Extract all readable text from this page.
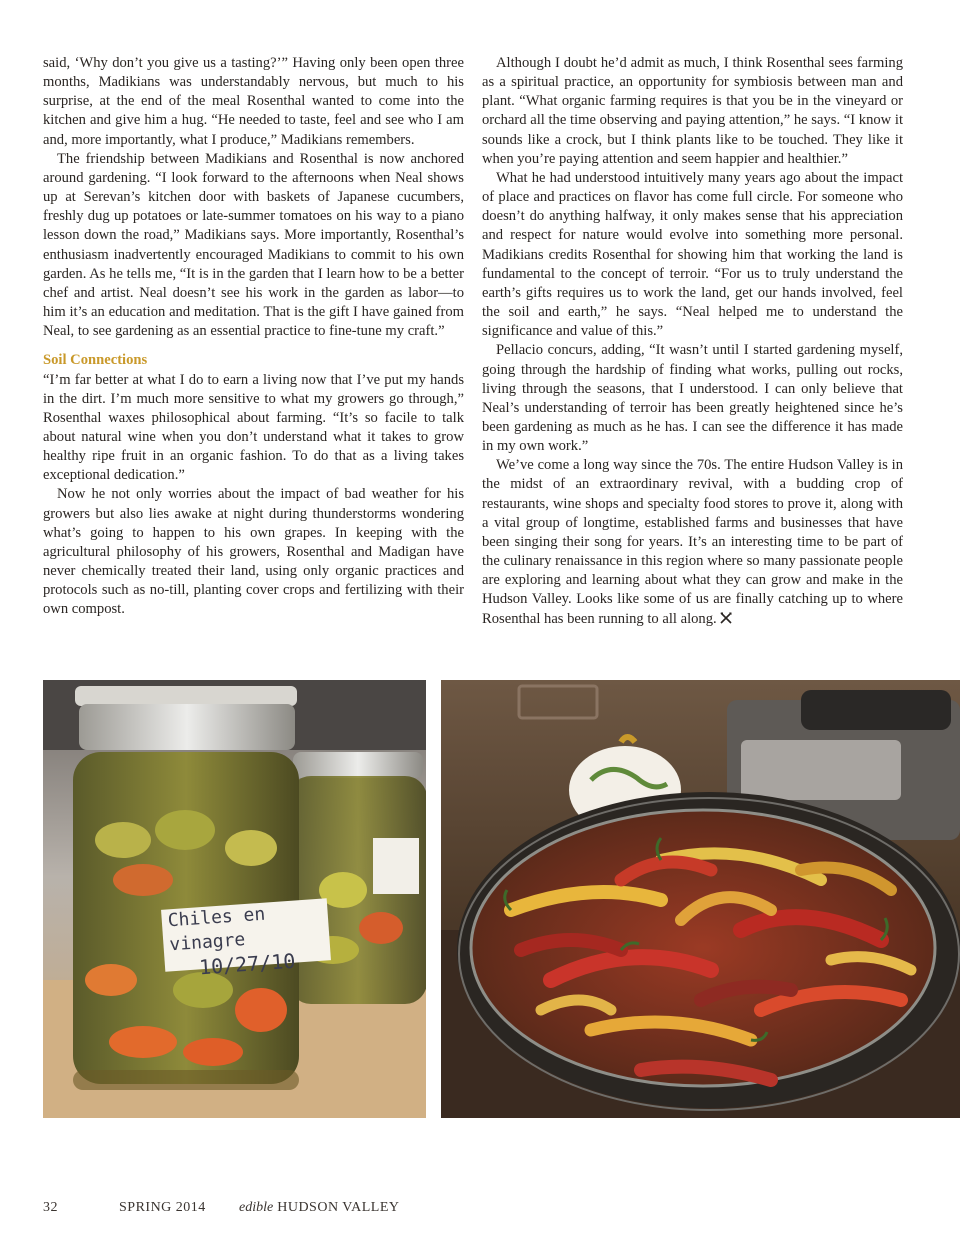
said, ‘Why don’t you give us a tasting?’” Having only been open three months, Madikians was understandably nervous, but much to his surprise, at the end of the meal Rosenthal wanted to come into the kitchen and give him a hug. “He needed to taste, feel and see who I am and, more importantly, what I produce,” Madikians remembers.

The friendship between Madikians and Rosenthal is now anchored around gardening. “I look forward to the afternoons when Neal shows up at Serevan’s kitchen door with baskets of Japanese cucumbers, freshly dug up potatoes or late-summer tomatoes on his way to a piano lesson down the road,” Madikians says. More importantly, Rosenthal’s enthusiasm inadvertently encouraged Madikians to commit to his own garden. As he tells me, “It is in the garden that I learn how to be a better chef and artist. Neal doesn’t see his work in the garden as labor—to him it’s an education and meditation. That is the gift I have gained from Neal, to see gardening as an essential practice to fine-tune my craft.”

Soil Connections

“I’m far better at what I do to earn a living now that I’ve put my hands in the dirt. I’m much more sensitive to what my growers go through,” Rosenthal waxes philosophical about farming. “It’s so facile to talk about natural wine when you don’t understand what it takes to grow healthy ripe fruit in an organic fashion. To do that as a living takes exceptional dedication.”

Now he not only worries about the impact of bad weather for his growers but also lies awake at night during thunderstorms wondering what’s going to happen to his own grapes. In keeping with the agricultural philosophy of his growers, Rosenthal and Madigan have never chemically treated their land, using only organic practices and protocols such as no-till, planting cover crops and fertilizing with their own compost.

Although I doubt he’d admit as much, I think Rosenthal sees farming as a spiritual practice, an opportunity for symbiosis between man and plant. “What organic farming requires is that you be in the vineyard or orchard all the time observing and paying attention,” he says. “I know it sounds like a crock, but I think plants like to be touched. They like it when you’re paying attention and seem happier and healthier.”

What he had understood intuitively many years ago about the impact of place and practices on flavor has come full circle. For someone who doesn’t do anything halfway, it only makes sense that his appreciation and respect for nature would evolve into something more personal. Madikians credits Rosenthal for showing him that working the land is fundamental to the concept of terroir. “For us to truly understand the earth’s gifts requires us to work the land, get our hands involved, feel the soil and earth,” he says. “Neal helped me to understand the significance and value of this.”

Pellacio concurs, adding, “It wasn’t until I started gardening myself, going through the hardship of finding what works, pulling out rocks, living through the seasons, that I understood. I can only believe that Neal’s understanding of terroir has been greatly heightened since he’s been gardening as much as he has. I can see the difference it has made in my own work.”

We’ve come a long way since the 70s. The entire Hudson Valley is in the midst of an extraordinary revival, with a budding crop of restaurants, wine shops and specialty food stores to prove it, along with a vital group of longtime, established farms and businesses that have been singing their song for years. It’s an interesting time to be part of the culinary renaissance in this region where so many passionate people are exploring and learning about what they can grow and make in the Hudson Valley. Looks like some of us are finally catching up to where Rosenthal has been running to all along.

Chiles en vinagre
10/27/10
32	SPRING 2014 edible HUDSON VALLEY
